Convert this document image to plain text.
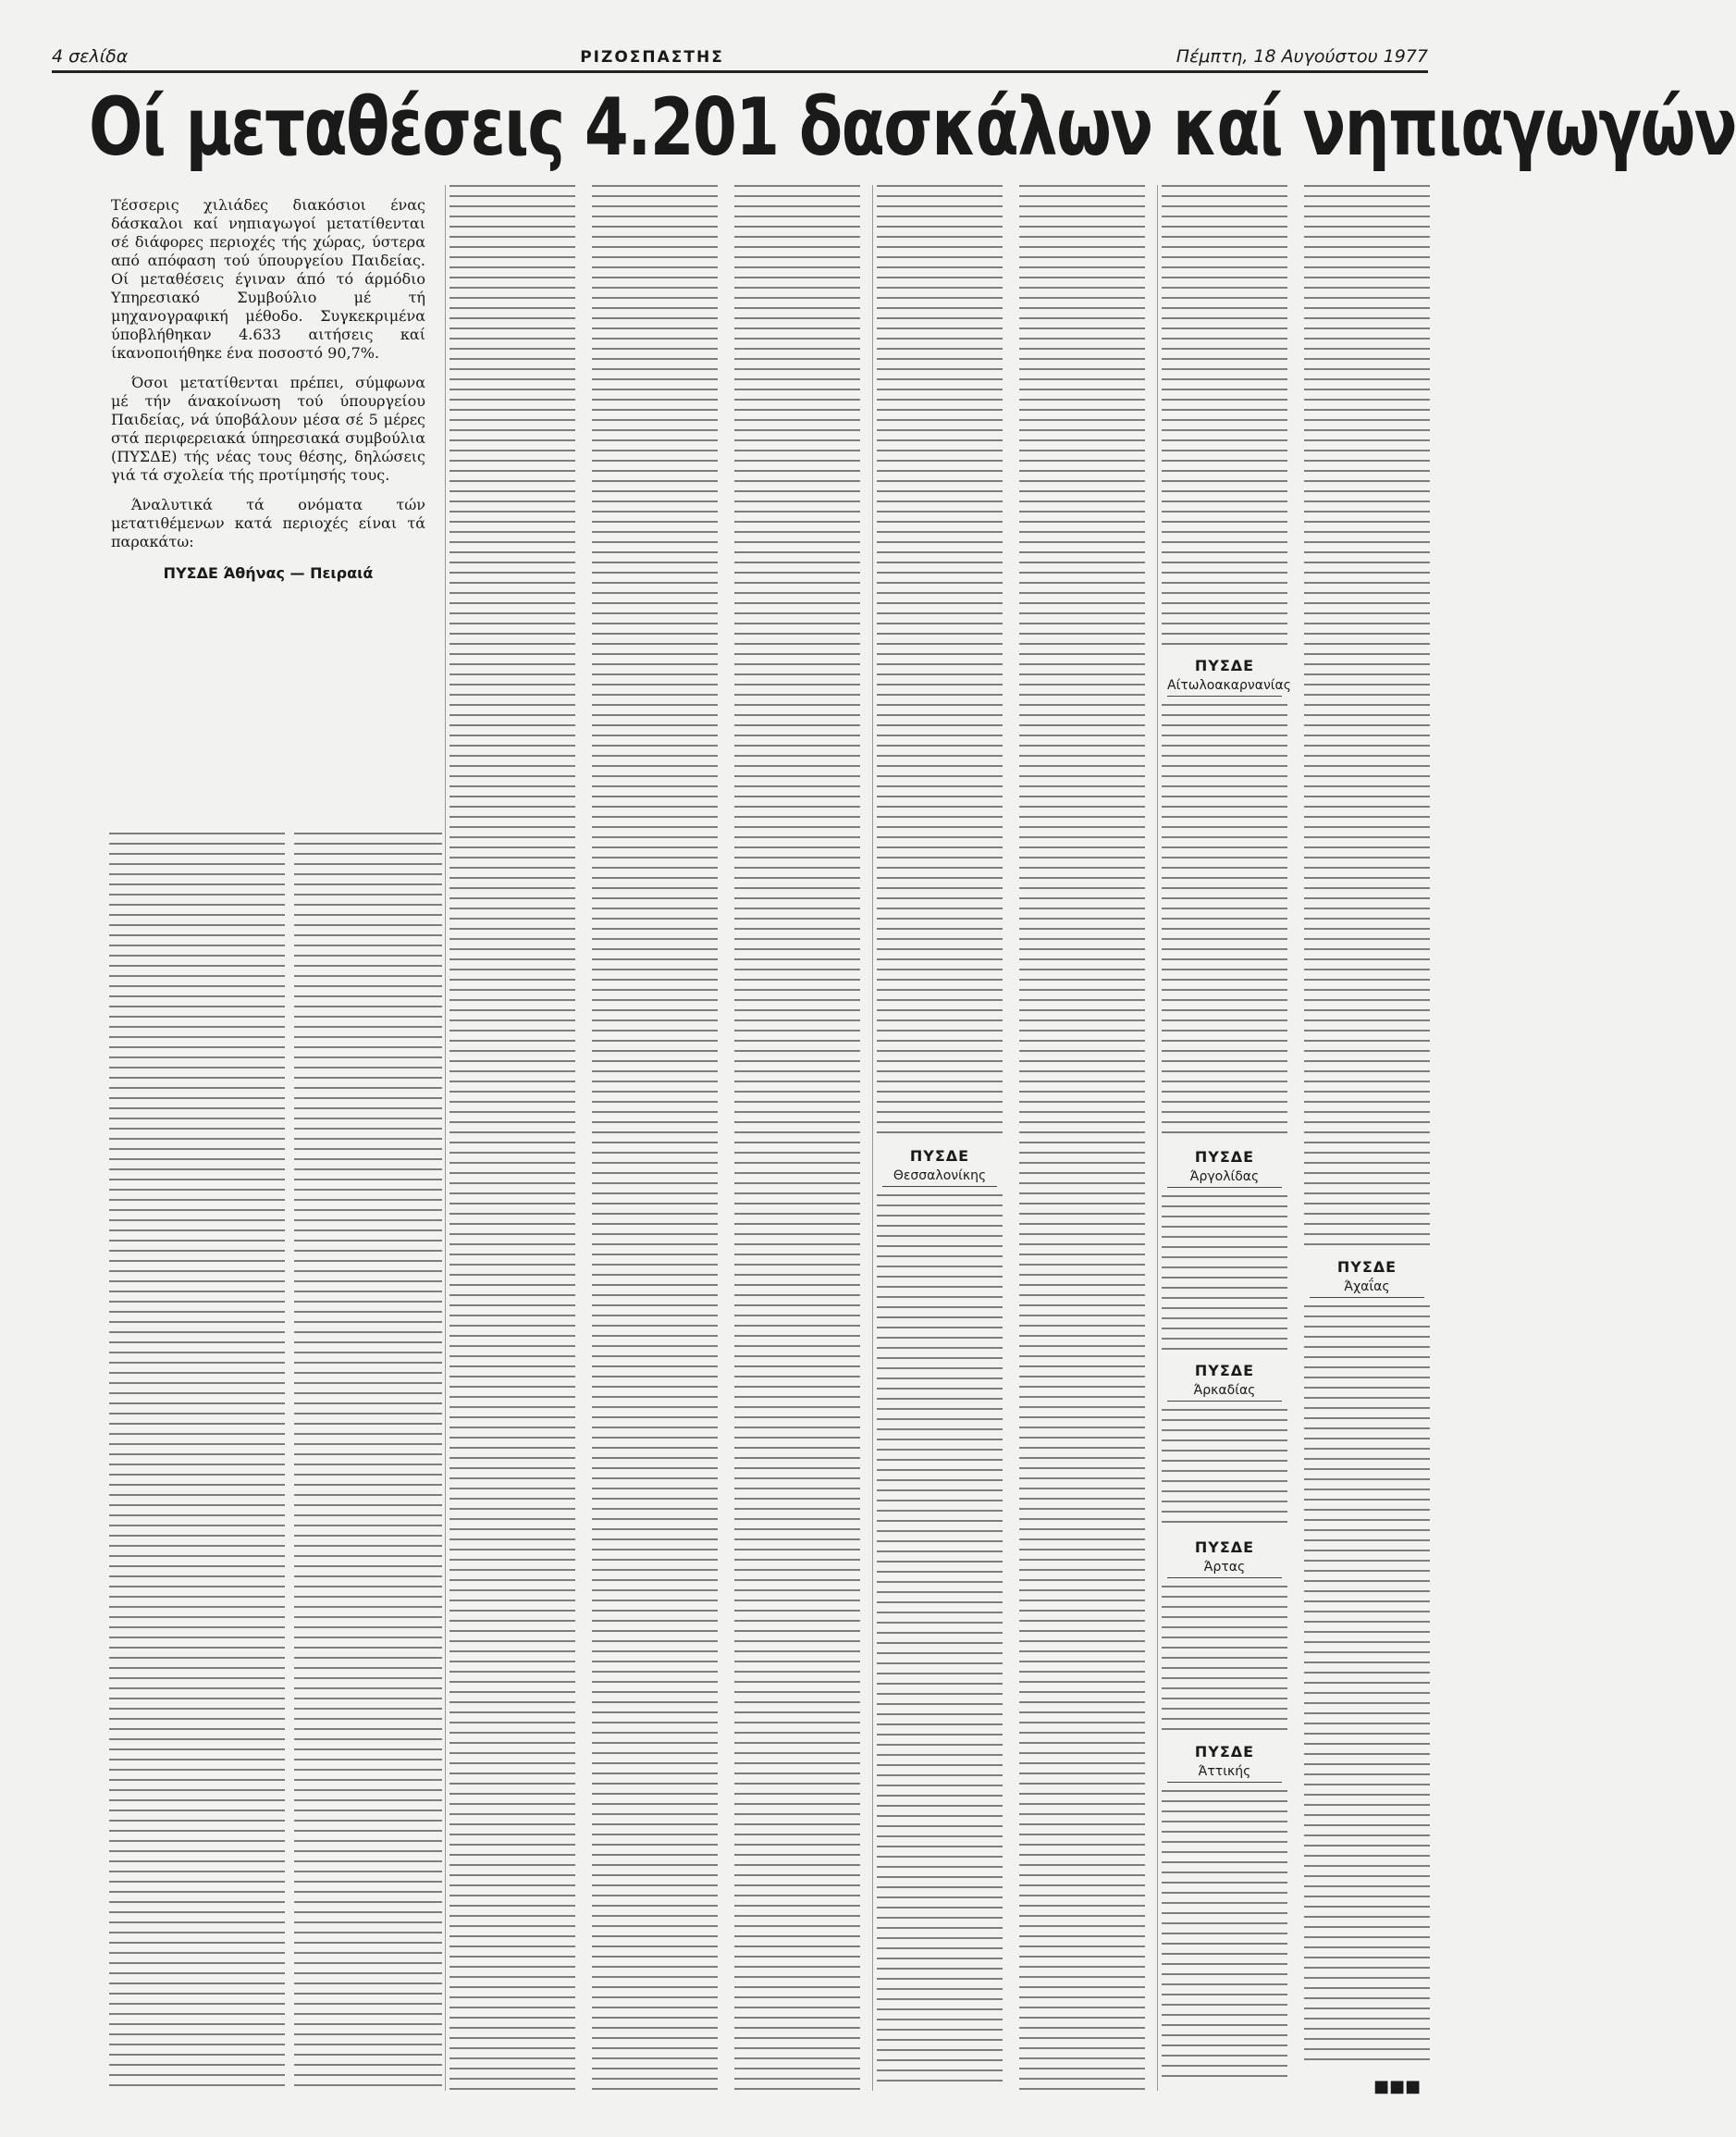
4 σελίδα	ΡΙΖΟΣΠΑΣΤΗΣ	Πέμπτη, 18 Αυγούστου 1977
Οί μεταθέσεις 4.201 δασκάλων καί νηπιαγωγών

Τέσσερις χιλιάδες διακόσιοι ένας δάσκαλοι καί νηπιαγωγοί μετατίθενται σέ διάφορες περιοχές τής χώρας, ύστερα από απόφαση τού ύπουργείου Παιδείας. Οί μεταθέσεις έγιναν άπό τό άρμόδιο Υπηρεσιακό Συμβούλιο μέ τή μηχανογραφική μέθοδο. Συγκεκριμένα ύποβλήθηκαν 4.633 αιτήσεις καί ίκανοποιήθηκε ένα ποσοστό 90,7%.

Όσοι μετατίθενται πρέπει, σύμφωνα μέ τήν άνακοίνωση τού ύπουργείου Παιδείας, νά ύποβάλουν μέσα σέ 5 μέρες στά περιφερειακά ύπηρεσιακά συμβούλια (ΠΥΣΔΕ) τής νέας τους θέσης, δηλώσεις γιά τά σχολεία τής προτίμησής τους.

Άναλυτικά τά ονόματα τών μετατιθέμενων κατά περιοχές είναι τά παρακάτω:

ΠΥΣΔΕ Άθήνας — Πειραιά
ΠΥΣΔΕ
Θεσσαλονίκης
ΠΥΣΔΕ
Αίτωλοακαρνανίας
ΠΥΣΔΕ
Άργολίδας
ΠΥΣΔΕ
Άρκαδίας
ΠΥΣΔΕ
Άρτας
ΠΥΣΔΕ
Άττικής
ΠΥΣΔΕ
Άχαΐας
■■■
